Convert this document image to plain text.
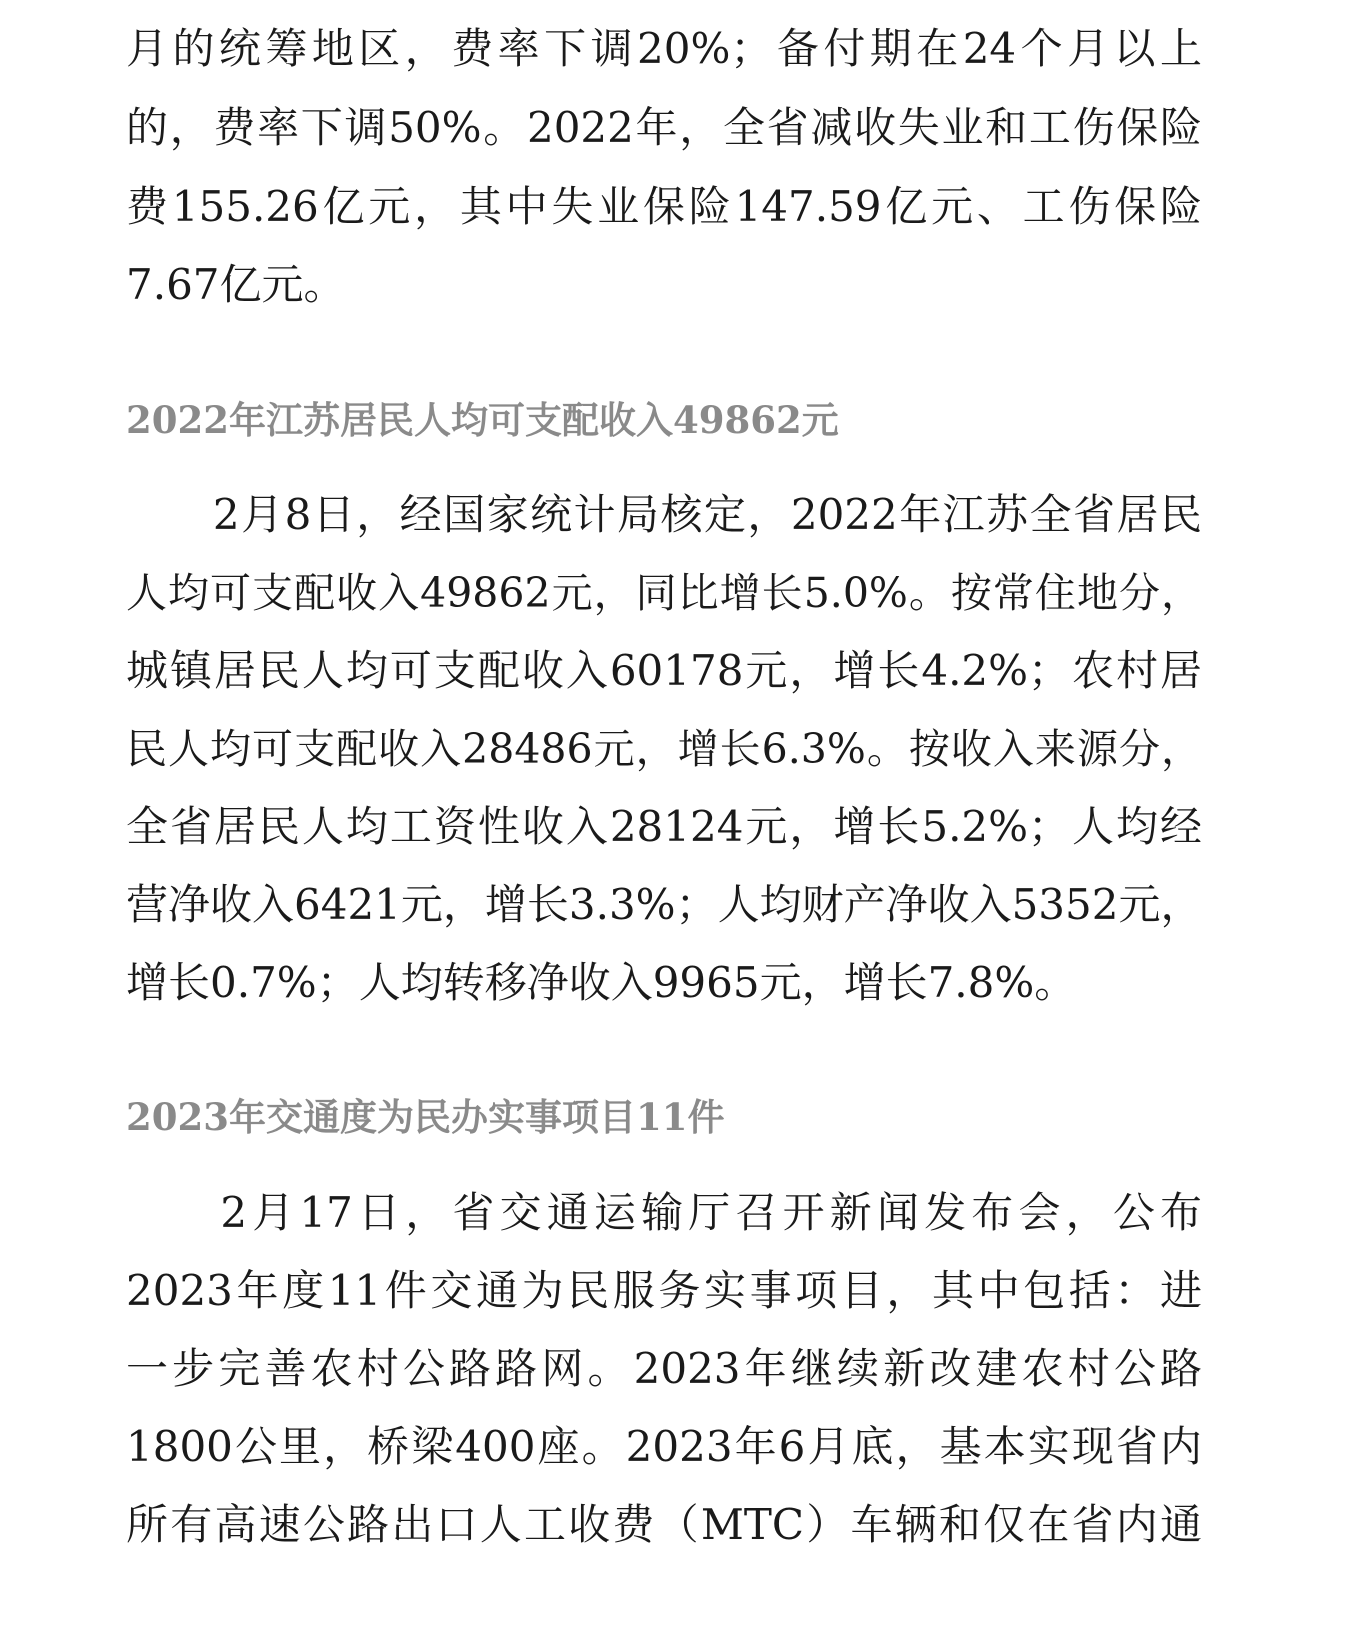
月的统筹地区，费率下调20%；备付期在24个月以上
的，费率下调50%。2022年，全省减收失业和工伤保险
费155.26亿元，其中失业保险147.59亿元、工伤保险
7.67亿元。
2022年江苏居民人均可支配收入49862元
　　2月8日，经国家统计局核定，2022年江苏全省居民
人均可支配收入49862元，同比增长5.0%。按常住地分，
城镇居民人均可支配收入60178元，增长4.2%；农村居
民人均可支配收入28486元，增长6.3%。按收入来源分，
全省居民人均工资性收入28124元，增长5.2%；人均经
营净收入6421元，增长3.3%；人均财产净收入5352元，
增长0.7%；人均转移净收入9965元，增长7.8%。
2023年交通度为民办实事项目11件
　　2月17日，省交通运输厅召开新闻发布会，公布
2023年度11件交通为民服务实事项目，其中包括：进
一步完善农村公路路网。2023年继续新改建农村公路
1800公里，桥梁400座。2023年6月底，基本实现省内
所有高速公路出口人工收费（MTC）车辆和仅在省内通
